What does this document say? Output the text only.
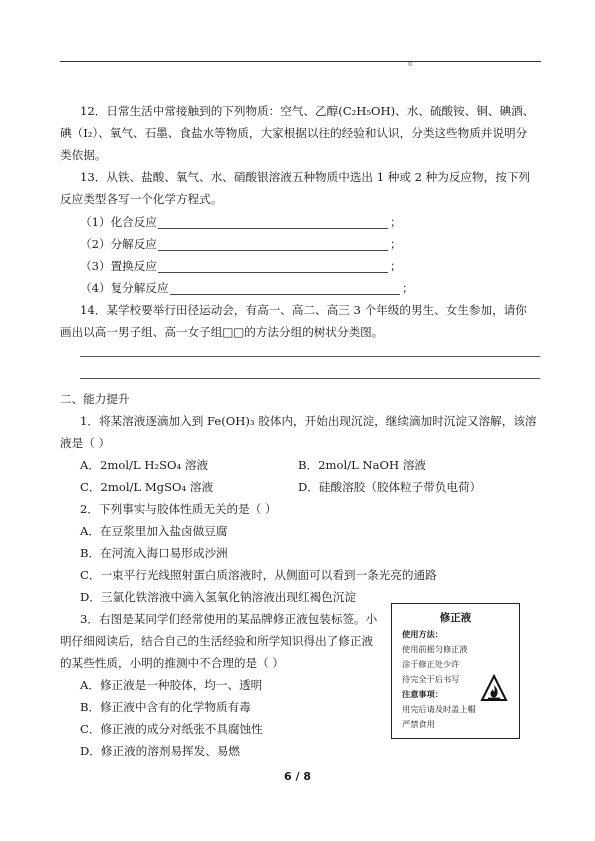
。
12．日常生活中常接触到的下列物质：空气、乙醇(C₂H₅OH)、水、硫酸铵、铜、碘酒、
碘（I₂）、氧气、石墨、食盐水等物质，大家根据以往的经验和认识，分类这些物质并说明分
类依据。
13．从铁、盐酸、氧气、水、硝酸银溶液五种物质中选出 1 种或 2 种为反应物，按下列
反应类型各写一个化学方程式。
（1）化合反应	；
（2）分解反应	；
（3）置换反应	；
（4）复分解反应	；
14．某学校要举行田径运动会，有高一、高二、高三 3 个年级的男生、女生参加，请你
画出以高一男子组、高一女子组□□的方法分组的树状分类图。
二、能力提升
1．将某溶液逐滴加入到 Fe(OH)₃ 胶体内，开始出现沉淀，继续滴加时沉淀又溶解，该溶
液是（ ）
A．2mol/L H₂SO₄ 溶液	B．2mol/L NaOH 溶液
C．2mol/L MgSO₄ 溶液	D．硅酸溶胶（胶体粒子带负电荷）
2．下列事实与胶体性质无关的是（ ）
A．在豆浆里加入盐卤做豆腐
B．在河流入海口易形成沙洲
C．一束平行光线照射蛋白质溶液时，从侧面可以看到一条光亮的通路
D．三氯化铁溶液中滴入氢氧化钠溶液出现红褐色沉淀
3．右图是某同学们经常使用的某品牌修正液包装标签。小
明仔细阅读后，结合自己的生活经验和所学知识得出了修正液
的某些性质，小明的推测中不合理的是（ ）
A．修正液是一种胶体，均一、透明
B．修正液中含有的化学物质有毒
C．修正液的成分对纸张不具腐蚀性
D．修正液的溶剂易挥发、易燃
修正液
使用方法：
使用前摇匀修正液
涂于修正处少许
待完全干后书写
注意事项：
用完后请及时盖上帽
严禁食用
6 / 8
